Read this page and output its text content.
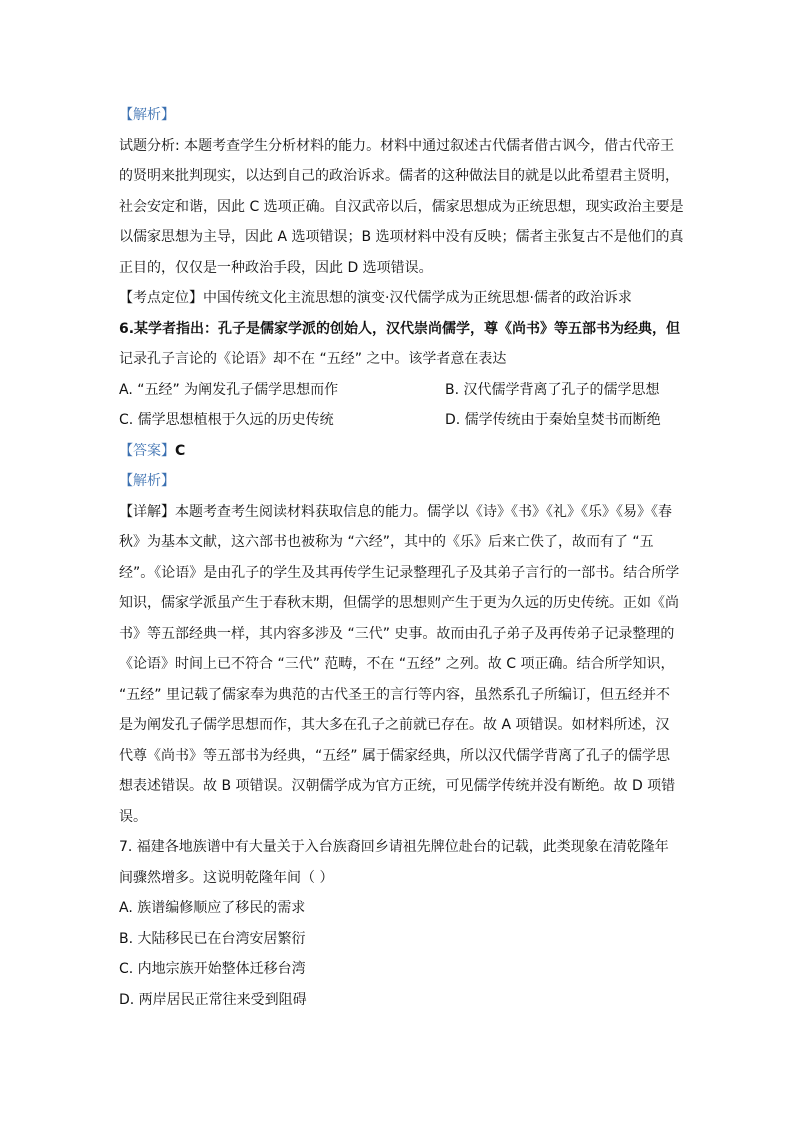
【解析】
试题分析: 本题考查学生分析材料的能力。材料中通过叙述古代儒者借古讽今，借古代帝王
的贤明来批判现实，以达到自己的政治诉求。儒者的这种做法目的就是以此希望君主贤明，
社会安定和谐，因此 C 选项正确。自汉武帝以后，儒家思想成为正统思想，现实政治主要是
以儒家思想为主导，因此 A 选项错误；B 选项材料中没有反映；儒者主张复古不是他们的真
正目的，仅仅是一种政治手段，因此 D 选项错误。
【考点定位】中国传统文化主流思想的演变·汉代儒学成为正统思想·儒者的政治诉求
6.某学者指出：孔子是儒家学派的创始人，汉代崇尚儒学，尊《尚书》等五部书为经典，但
记录孔子言论的《论语》却不在 “五经” 之中。该学者意在表达
A. “五经” 为阐发孔子儒学思想而作	B. 汉代儒学背离了孔子的儒学思想
C. 儒学思想植根于久远的历史传统	D. 儒学传统由于秦始皇焚书而断绝
【答案】C
【解析】
【详解】本题考查考生阅读材料获取信息的能力。儒学以《诗》《书》《礼》《乐》《易》《春
秋》为基本文献，这六部书也被称为 “六经”，其中的《乐》后来亡佚了，故而有了 “五
经”。《论语》是由孔子的学生及其再传学生记录整理孔子及其弟子言行的一部书。结合所学
知识，儒家学派虽产生于春秋末期，但儒学的思想则产生于更为久远的历史传统。正如《尚
书》等五部经典一样，其内容多涉及 “三代” 史事。故而由孔子弟子及再传弟子记录整理的
《论语》时间上已不符合 “三代” 范畴，不在 “五经” 之列。故 C 项正确。结合所学知识，
“五经” 里记载了儒家奉为典范的古代圣王的言行等内容，虽然系孔子所编订，但五经并不
是为阐发孔子儒学思想而作，其大多在孔子之前就已存在。故 A 项错误。如材料所述，汉
代尊《尚书》等五部书为经典，“五经” 属于儒家经典，所以汉代儒学背离了孔子的儒学思
想表述错误。故 B 项错误。汉朝儒学成为官方正统，可见儒学传统并没有断绝。故 D 项错
误。
7. 福建各地族谱中有大量关于入台族裔回乡请祖先牌位赴台的记载，此类现象在清乾隆年
间骤然增多。这说明乾隆年间（ ）
A. 族谱编修顺应了移民的需求
B. 大陆移民已在台湾安居繁衍
C. 内地宗族开始整体迁移台湾
D. 两岸居民正常往来受到阻碍
